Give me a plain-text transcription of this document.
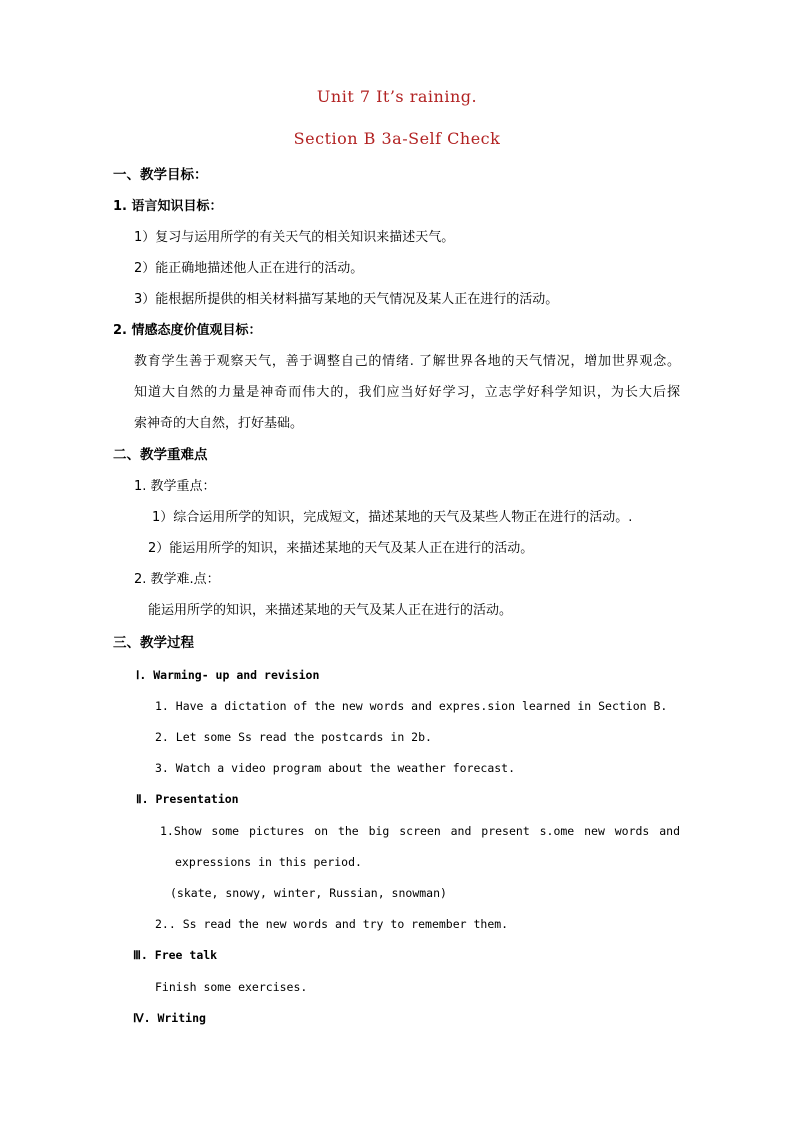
Unit 7 It’s raining.
Section B 3a-Self Check
一、教学目标：
1. 语言知识目标：
1）复习与运用所学的有关天气的相关知识来描述天气。
2）能正确地描述他人正在进行的活动。
3）能根据所提供的相关材料描写某地的天气情况及某人正在进行的活动。
2. 情感态度价值观目标：
教育学生善于观察天气，善于调整自己的情绪. 了解世界各地的天气情况，增加世界观念。
知道大自然的力量是神奇而伟大的，我们应当好好学习，立志学好科学知识，为长大后探
索神奇的大自然，打好基础。
二、教学重难点
1. 教学重点：
1）综合运用所学的知识，完成短文，描述某地的天气及某些人物正在进行的活动。.
2）能运用所学的知识，来描述某地的天气及某人正在进行的活动。
2. 教学难.点：
能运用所学的知识，来描述某地的天气及某人正在进行的活动。
三、教学过程
Ⅰ. Warming- up and revision
1. Have a dictation of the new words and expres.sion learned in Section B.
2. Let some Ss read the postcards in 2b.
3. Watch a video program about the weather forecast.
Ⅱ. Presentation
1.Show some pictures on the big screen and present s.ome new words and
expressions in this period.
(skate, snowy, winter, Russian, snowman)
2.. Ss read the new words and try to remember them.
Ⅲ. Free talk
Finish some exercises.
Ⅳ. Writing
